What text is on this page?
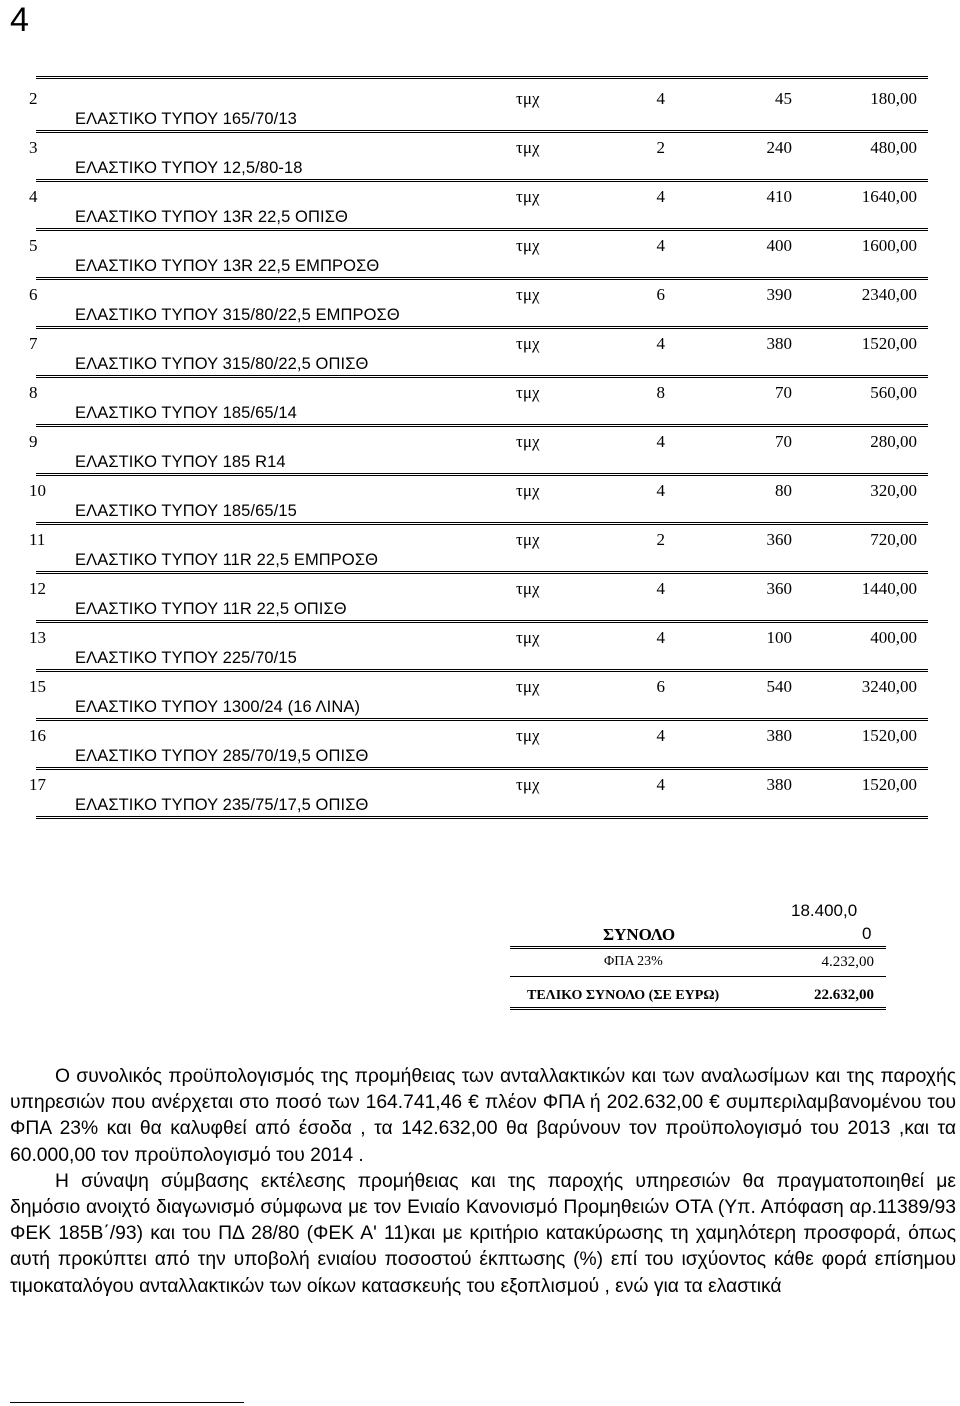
4
2	τμχ	4	45	180,00
ΕΛΑΣΤΙΚΟ ΤΥΠΟΥ 165/70/13
3	τμχ	2	240	480,00
ΕΛΑΣΤΙΚΟ ΤΥΠΟΥ 12,5/80-18
4	τμχ	4	410	1640,00
ΕΛΑΣΤΙΚΟ ΤΥΠΟΥ 13R 22,5 ΟΠΙΣΘ
5	τμχ	4	400	1600,00
ΕΛΑΣΤΙΚΟ ΤΥΠΟΥ 13R 22,5 ΕΜΠΡΟΣΘ
6	τμχ	6	390	2340,00
ΕΛΑΣΤΙΚΟ ΤΥΠΟΥ 315/80/22,5 ΕΜΠΡΟΣΘ
7	τμχ	4	380	1520,00
ΕΛΑΣΤΙΚΟ ΤΥΠΟΥ 315/80/22,5 ΟΠΙΣΘ
8	τμχ	8	70	560,00
ΕΛΑΣΤΙΚΟ ΤΥΠΟΥ 185/65/14
9	τμχ	4	70	280,00
ΕΛΑΣΤΙΚΟ ΤΥΠΟΥ 185 R14
10	τμχ	4	80	320,00
ΕΛΑΣΤΙΚΟ ΤΥΠΟΥ 185/65/15
11	τμχ	2	360	720,00
ΕΛΑΣΤΙΚΟ ΤΥΠΟΥ 11R 22,5 ΕΜΠΡΟΣΘ
12	τμχ	4	360	1440,00
ΕΛΑΣΤΙΚΟ ΤΥΠΟΥ 11R 22,5 ΟΠΙΣΘ
13	τμχ	4	100	400,00
ΕΛΑΣΤΙΚΟ ΤΥΠΟΥ 225/70/15
15	τμχ	6	540	3240,00
ΕΛΑΣΤΙΚΟ ΤΥΠΟΥ 1300/24 (16 ΛΙΝΑ)
16	τμχ	4	380	1520,00
ΕΛΑΣΤΙΚΟ ΤΥΠΟΥ 285/70/19,5 ΟΠΙΣΘ
17	τμχ	4	380	1520,00
ΕΛΑΣΤΙΚΟ ΤΥΠΟΥ 235/75/17,5 ΟΠΙΣΘ
18.400,0
ΣΥΝΟΛΟ	0
ΦΠΑ 23%	4.232,00
ΤΕΛΙΚΟ ΣΥΝΟΛΟ (ΣΕ ΕΥΡΩ)	22.632,00

Ο συνολικός προϋπολογισμός της προμήθειας των ανταλλακτικών και των αναλωσίμων και της παροχής υπηρεσιών που ανέρχεται στο ποσό των 164.741,46 € πλέον ΦΠΑ ή 202.632,00 € συμπεριλαμβανομένου του ΦΠΑ 23% και θα καλυφθεί από έσοδα , τα 142.632,00 θα βαρύνουν τον προϋπολογισμό του 2013 ,και τα 60.000,00 τον προϋπολογισμό του 2014 .

Η σύναψη σύμβασης εκτέλεσης προμήθειας και της παροχής υπηρεσιών θα πραγματοποιηθεί με δημόσιο ανοιχτό διαγωνισμό σύμφωνα με τον Ενιαίο Κανονισμό Προμηθειών ΟΤΑ (Υπ. Απόφαση αρ.11389/93 ΦΕΚ 185Β΄/93) και του ΠΔ 28/80 (ΦΕΚ Α' 11)και με κριτήριο κατακύρωσης τη χαμηλότερη προσφορά, όπως αυτή προκύπτει από την υποβολή ενιαίου ποσοστού έκπτωσης (%) επί του ισχύοντος κάθε φορά επίσημου τιμοκαταλόγου ανταλλακτικών των οίκων κατασκευής του εξοπλισμού , ενώ για τα ελαστικά
